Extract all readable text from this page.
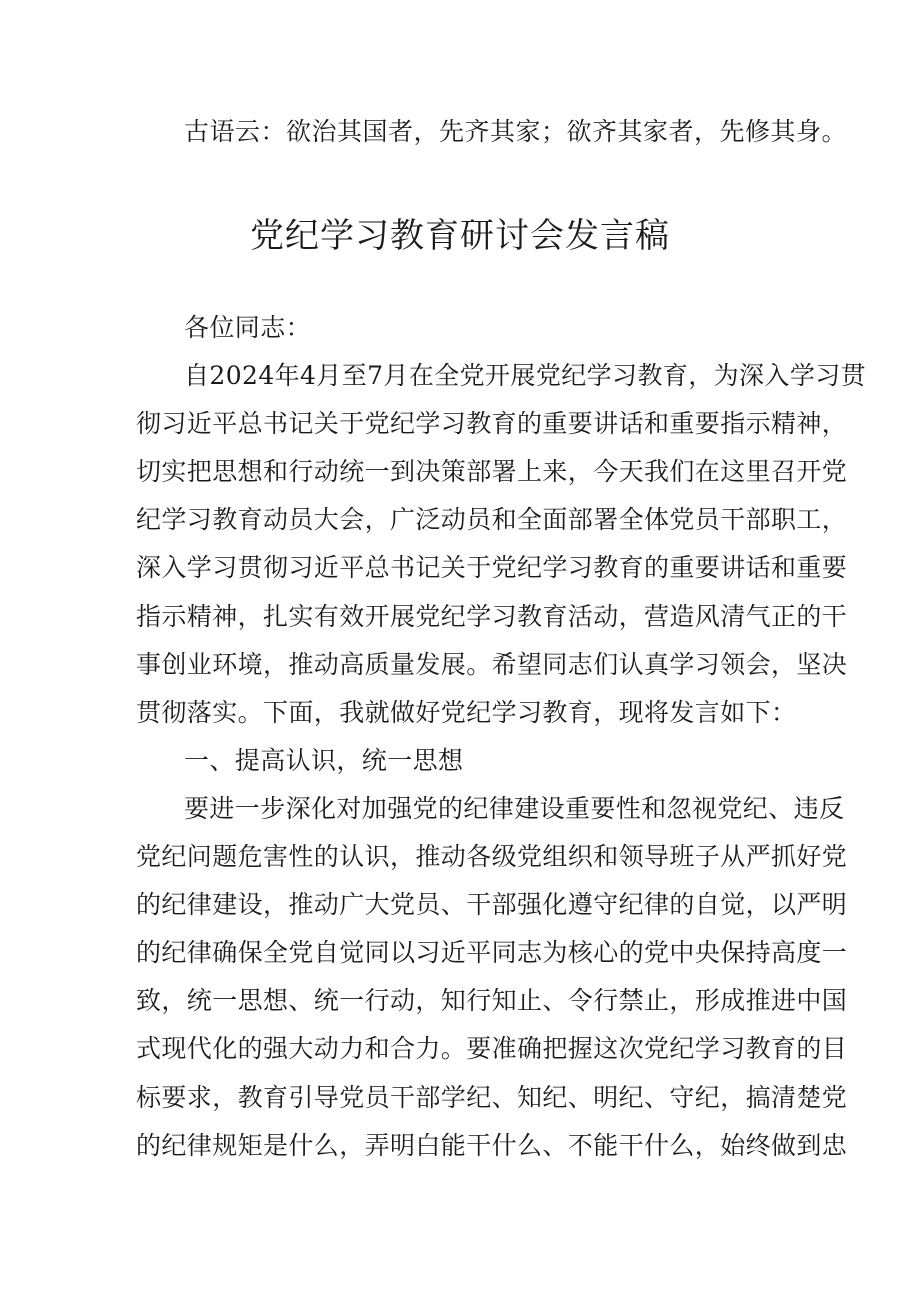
古语云：欲治其国者，先齐其家；欲齐其家者，先修其身。
党纪学习教育研讨会发言稿
各位同志：
自2024年4月至7月在全党开展党纪学习教育，为深入学习贯
彻习近平总书记关于党纪学习教育的重要讲话和重要指示精神，
切实把思想和行动统一到决策部署上来，今天我们在这里召开党
纪学习教育动员大会，广泛动员和全面部署全体党员干部职工，
深入学习贯彻习近平总书记关于党纪学习教育的重要讲话和重要
指示精神，扎实有效开展党纪学习教育活动，营造风清气正的干
事创业环境，推动高质量发展。希望同志们认真学习领会，坚决
贯彻落实。下面，我就做好党纪学习教育，现将发言如下：
一、提高认识，统一思想
要进一步深化对加强党的纪律建设重要性和忽视党纪、违反
党纪问题危害性的认识，推动各级党组织和领导班子从严抓好党
的纪律建设，推动广大党员、干部强化遵守纪律的自觉，以严明
的纪律确保全党自觉同以习近平同志为核心的党中央保持高度一
致，统一思想、统一行动，知行知止、令行禁止，形成推进中国
式现代化的强大动力和合力。要准确把握这次党纪学习教育的目
标要求，教育引导党员干部学纪、知纪、明纪、守纪，搞清楚党
的纪律规矩是什么，弄明白能干什么、不能干什么，始终做到忠
